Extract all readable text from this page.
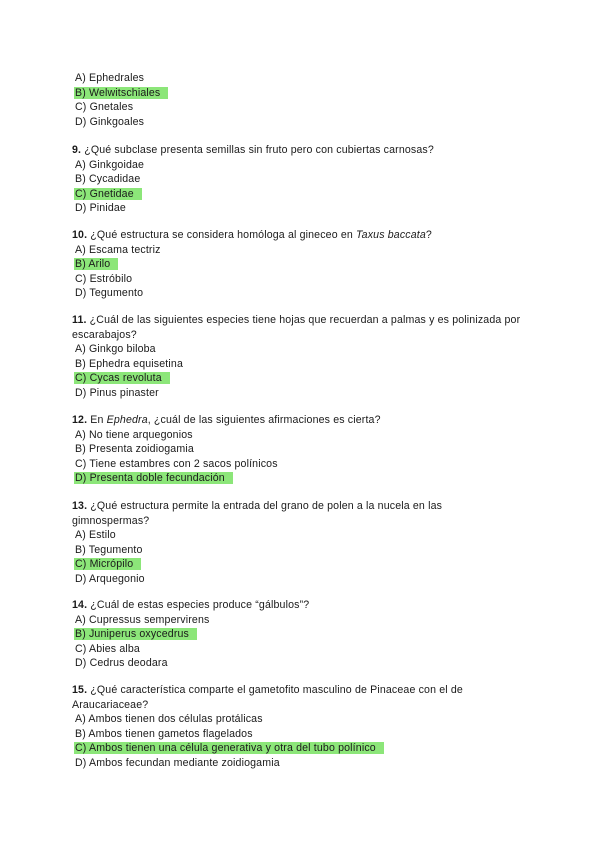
A) Ephedrales
B) Welwitschiales
C) Gnetales
D) Ginkgoales
9. ¿Qué subclase presenta semillas sin fruto pero con cubiertas carnosas?
A) Ginkgoidae
B) Cycadidae
C) Gnetidae
D) Pinidae
10. ¿Qué estructura se considera homóloga al gineceo en Taxus baccata?
A) Escama tectriz
B) Arilo
C) Estróbilo
D) Tegumento
11. ¿Cuál de las siguientes especies tiene hojas que recuerdan a palmas y es polinizada por
escarabajos?
A) Ginkgo biloba
B) Ephedra equisetina
C) Cycas revoluta
D) Pinus pinaster
12. En Ephedra, ¿cuál de las siguientes afirmaciones es cierta?
A) No tiene arquegonios
B) Presenta zoidiogamia
C) Tiene estambres con 2 sacos polínicos
D) Presenta doble fecundación
13. ¿Qué estructura permite la entrada del grano de polen a la nucela en las
gimnospermas?
A) Estilo
B) Tegumento
C) Micrópilo
D) Arquegonio
14. ¿Cuál de estas especies produce “gálbulos”?
A) Cupressus sempervirens
B) Juniperus oxycedrus
C) Abies alba
D) Cedrus deodara
15. ¿Qué característica comparte el gametofito masculino de Pinaceae con el de
Araucariaceae?
A) Ambos tienen dos células protálicas
B) Ambos tienen gametos flagelados
C) Ambos tienen una célula generativa y otra del tubo polínico
D) Ambos fecundan mediante zoidiogamia
